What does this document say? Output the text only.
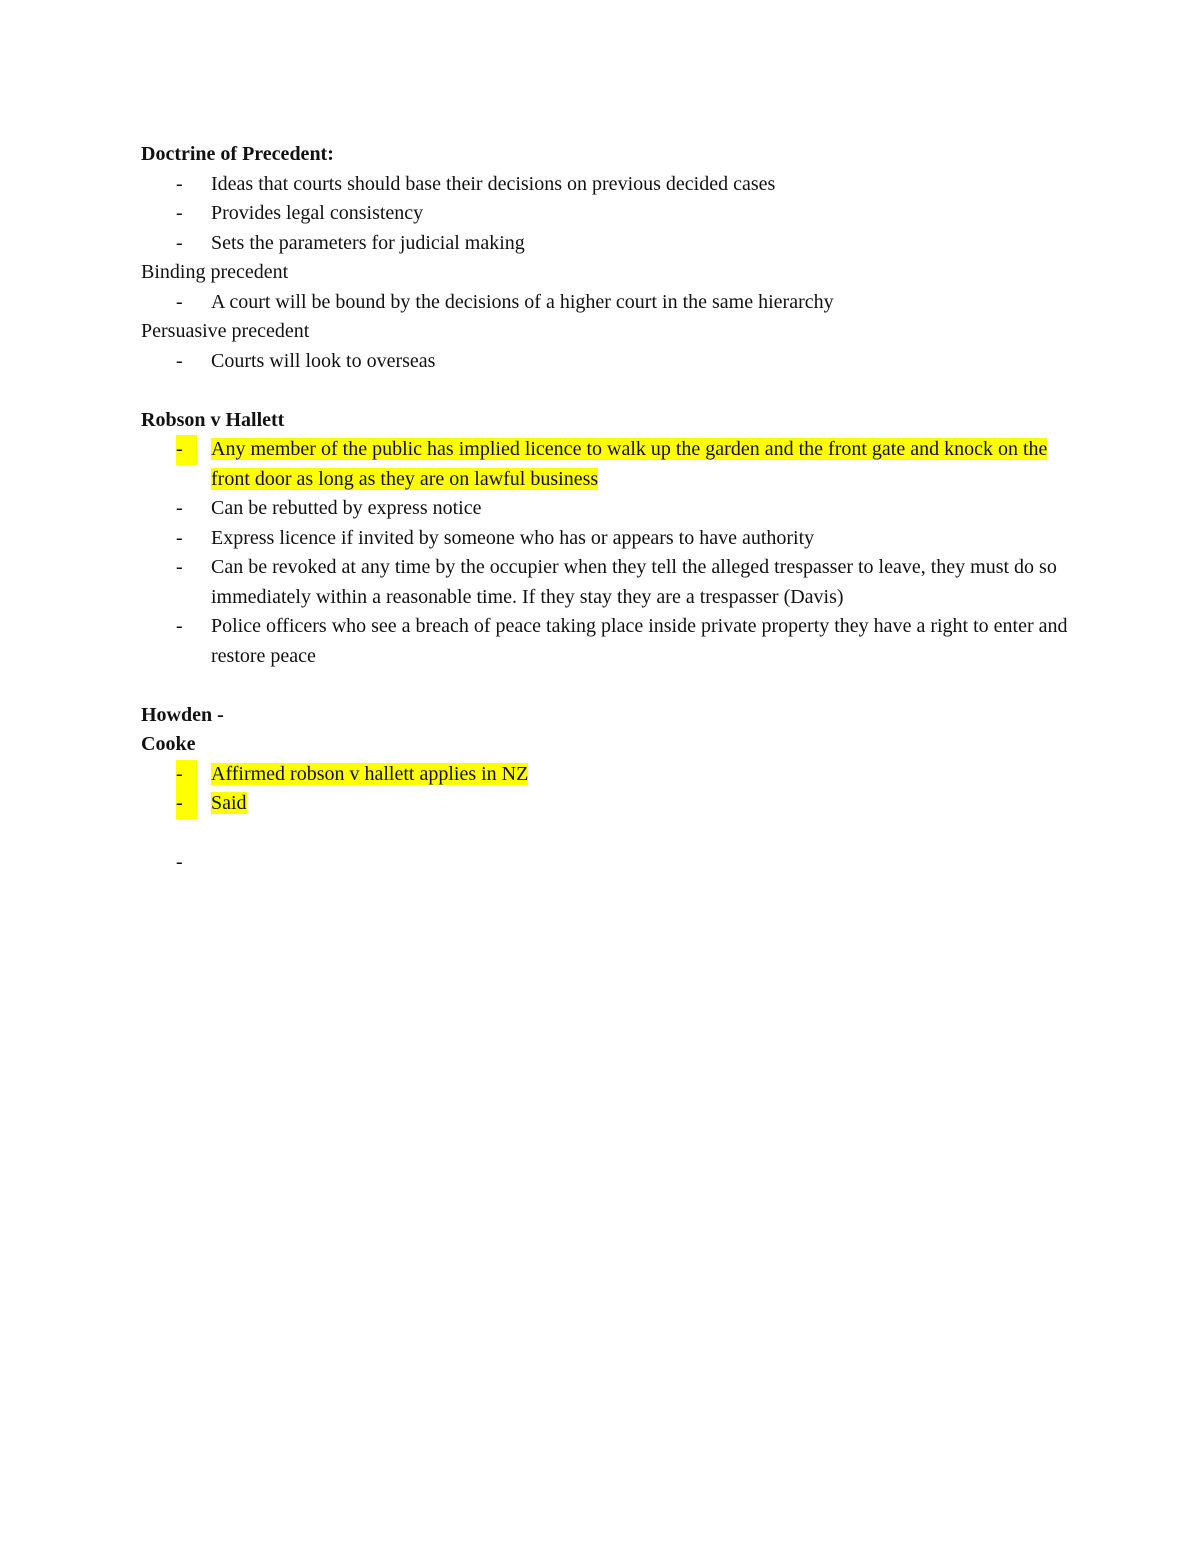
Doctrine of Precedent:
- Ideas that courts should base their decisions on previous decided cases
- Provides legal consistency
- Sets the parameters for judicial making
Binding precedent
- A court will be bound by the decisions of a higher court in the same hierarchy
Persuasive precedent
- Courts will look to overseas
Robson v Hallett
-	Any member of the public has implied licence to walk up the garden and the front gate and knock on the front door as long as they are on lawful business
- Can be rebutted by express notice
- Express licence if invited by someone who has or appears to have authority
- Can be revoked at any time by the occupier when they tell the alleged trespasser to leave, they must do so immediately within a reasonable time. If they stay they are a trespasser (Davis)
- Police officers who see a breach of peace taking place inside private property they have a right to enter and restore peace
Howden -
Cooke
-	Affirmed robson v hallett applies in NZ
-	Said
-
